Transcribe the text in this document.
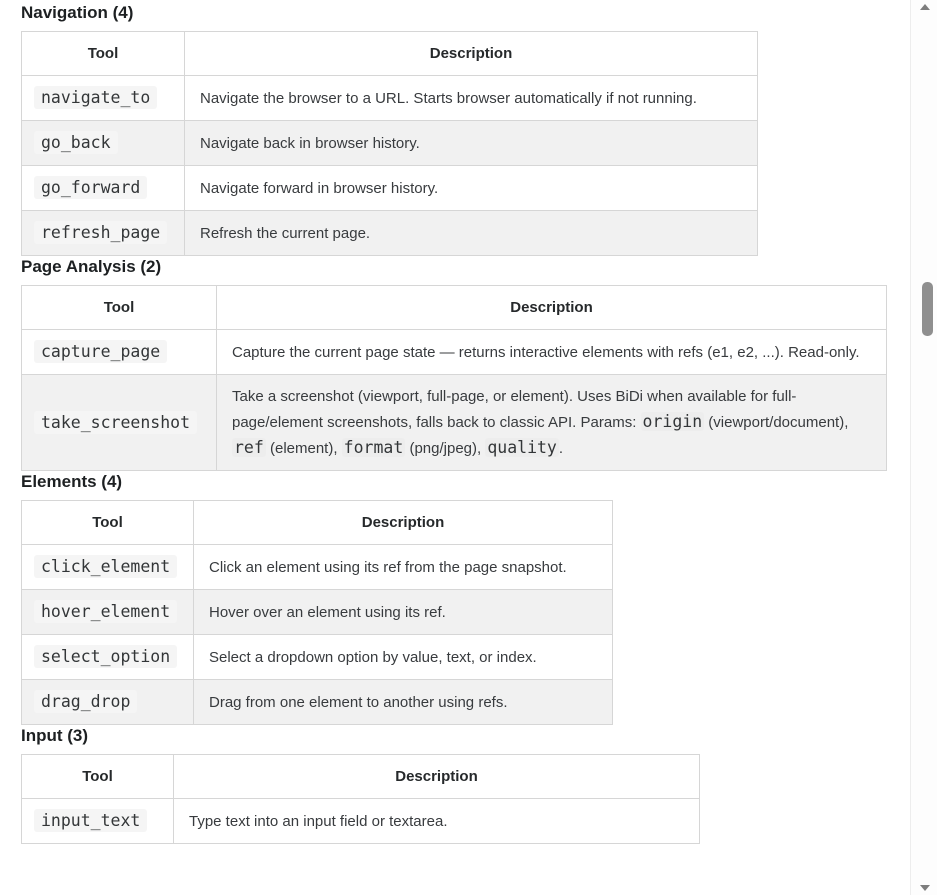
Navigation (4)
Tool	Description
navigate_to	Navigate the browser to a URL. Starts browser automatically if not running.
go_back	Navigate back in browser history.
go_forward	Navigate forward in browser history.
refresh_page	Refresh the current page.
Page Analysis (2)
Tool	Description
capture_page	Capture the current page state — returns interactive elements with refs (e1, e2, ...). Read-only.
take_screenshot	Take a screenshot (viewport, full-page, or element). Uses BiDi when available for full-page/element screenshots, falls back to classic API. Params: origin (viewport/document), ref (element), format (png/jpeg), quality .
Elements (4)
Tool	Description
click_element	Click an element using its ref from the page snapshot.
hover_element	Hover over an element using its ref.
select_option	Select a dropdown option by value, text, or index.
drag_drop	Drag from one element to another using refs.
Input (3)
Tool	Description
input_text	Type text into an input field or textarea.
